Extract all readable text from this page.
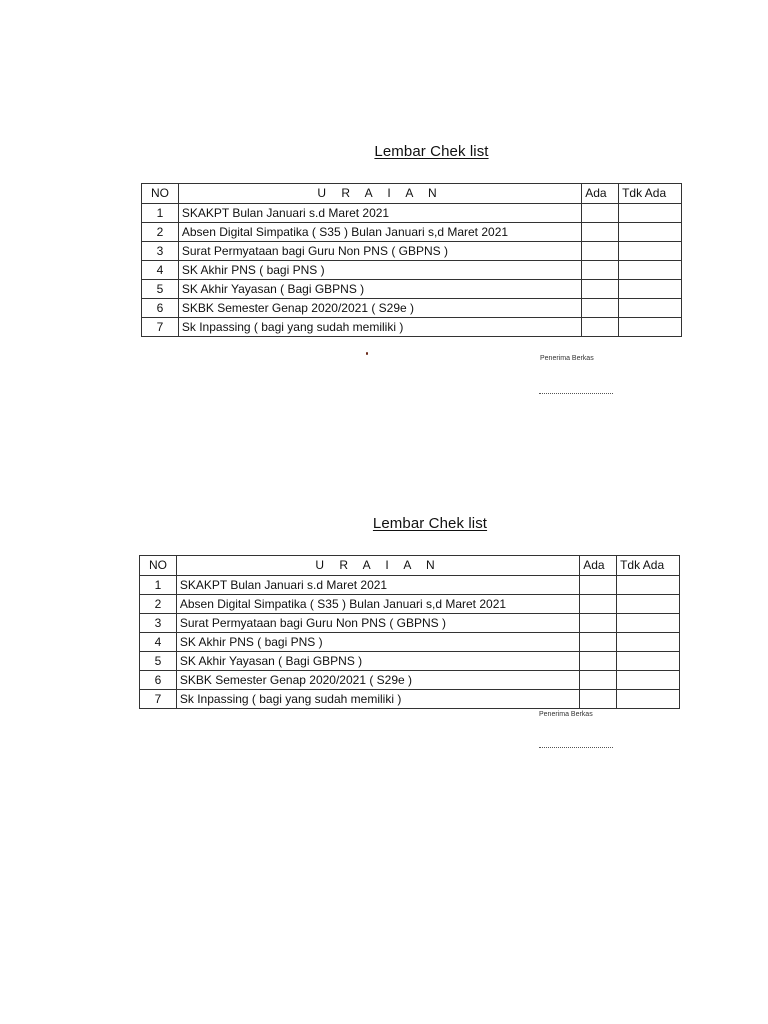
Lembar Chek list
NO	U R A I A N	Ada	Tdk Ada
1	SKAKPT Bulan Januari s.d Maret 2021		
2	Absen Digital Simpatika ( S35 ) Bulan Januari s,d Maret 2021		
3	Surat Permyataan bagi Guru Non PNS ( GBPNS )		
4	SK Akhir PNS ( bagi PNS )		
5	SK Akhir Yayasan ( Bagi GBPNS )		
6	SKBK Semester Genap 2020/2021 ( S29e )		
7	Sk Inpassing ( bagi yang sudah memiliki )		
Penerima Berkas
Lembar Chek list
NO	U R A I A N	Ada	Tdk Ada
1	SKAKPT Bulan Januari s.d Maret 2021		
2	Absen Digital Simpatika ( S35 ) Bulan Januari s,d Maret 2021		
3	Surat Permyataan bagi Guru Non PNS ( GBPNS )		
4	SK Akhir PNS ( bagi PNS )		
5	SK Akhir Yayasan ( Bagi GBPNS )		
6	SKBK Semester Genap 2020/2021 ( S29e )		
7	Sk Inpassing ( bagi yang sudah memiliki )		
Penerima Berkas
